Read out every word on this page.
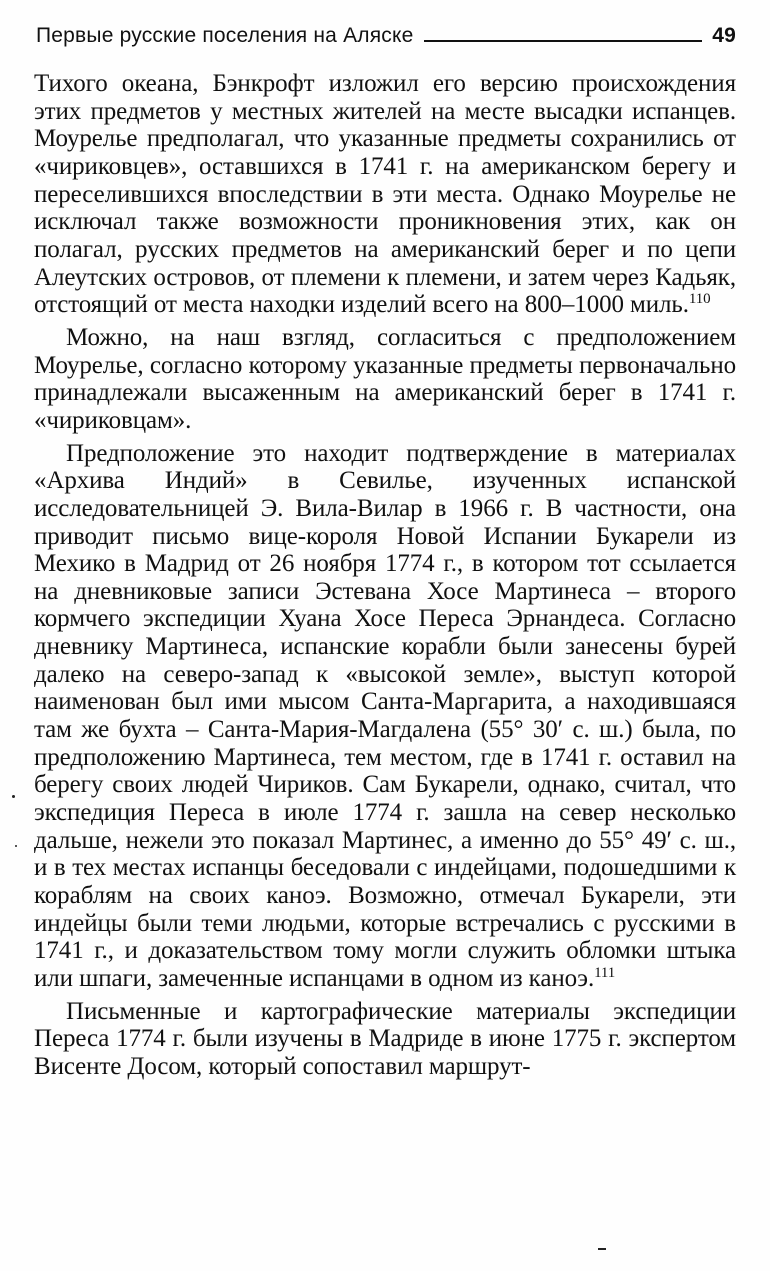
Первые русские поселения на Аляске	49

Тихого океана, Бэнкрофт изложил его версию происхождения этих предметов у местных жителей на месте высадки испанцев. Моурелье предполагал, что указанные предметы сохранились от «чириковцев», оставшихся в 1741 г. на американском берегу и переселившихся впоследствии в эти места. Однако Моурелье не исключал также возможности проникновения этих, как он полагал, русских предметов на американский берег и по цепи Алеутских островов, от племени к племени, и затем через Кадьяк, отстоящий от места находки изделий всего на 800–1000 миль.$^{110}$

Можно, на наш взгляд, согласиться с предположением Моурелье, согласно которому указанные предметы первоначально принадлежали высаженным на американский берег в 1741 г. «чириковцам».

Предположение это находит подтверждение в материалах «Архива Индий» в Севилье, изученных испанской исследовательницей Э. Вила-Вилар в 1966 г. В частности, она приводит письмо вице-короля Новой Испании Букарели из Мехико в Мадрид от 26 ноября 1774 г., в котором тот ссылается на дневниковые записи Эстевана Хосе Мартинеса – второго кормчего экспедиции Хуана Хосе Переса Эрнандеса. Согласно дневнику Мартинеса, испанские корабли были занесены бурей далеко на северо-запад к «высокой земле», выступ которой наименован был ими мысом Санта-Маргарита, а находившаяся там же бухта – Санта-Мария-Магдалена (55° 30′ с. ш.) была, по предположению Мартинеса, тем местом, где в 1741 г. оставил на берегу своих людей Чириков. Сам Букарели, однако, считал, что экспедиция Переса в июле 1774 г. зашла на север несколько дальше, нежели это показал Мартинес, а именно до 55° 49′ с. ш., и в тех местах испанцы беседовали с индейцами, подошедшими к кораблям на своих каноэ. Возможно, отмечал Букарели, эти индейцы были теми людьми, которые встречались с русскими в 1741 г., и доказательством тому могли служить обломки штыка или шпаги, замеченные испанцами в одном из каноэ.$^{111}$

Письменные и картографические материалы экспедиции Переса 1774 г. были изучены в Мадриде в июне 1775 г. экспертом Висенте Досом, который сопоставил маршрут-
